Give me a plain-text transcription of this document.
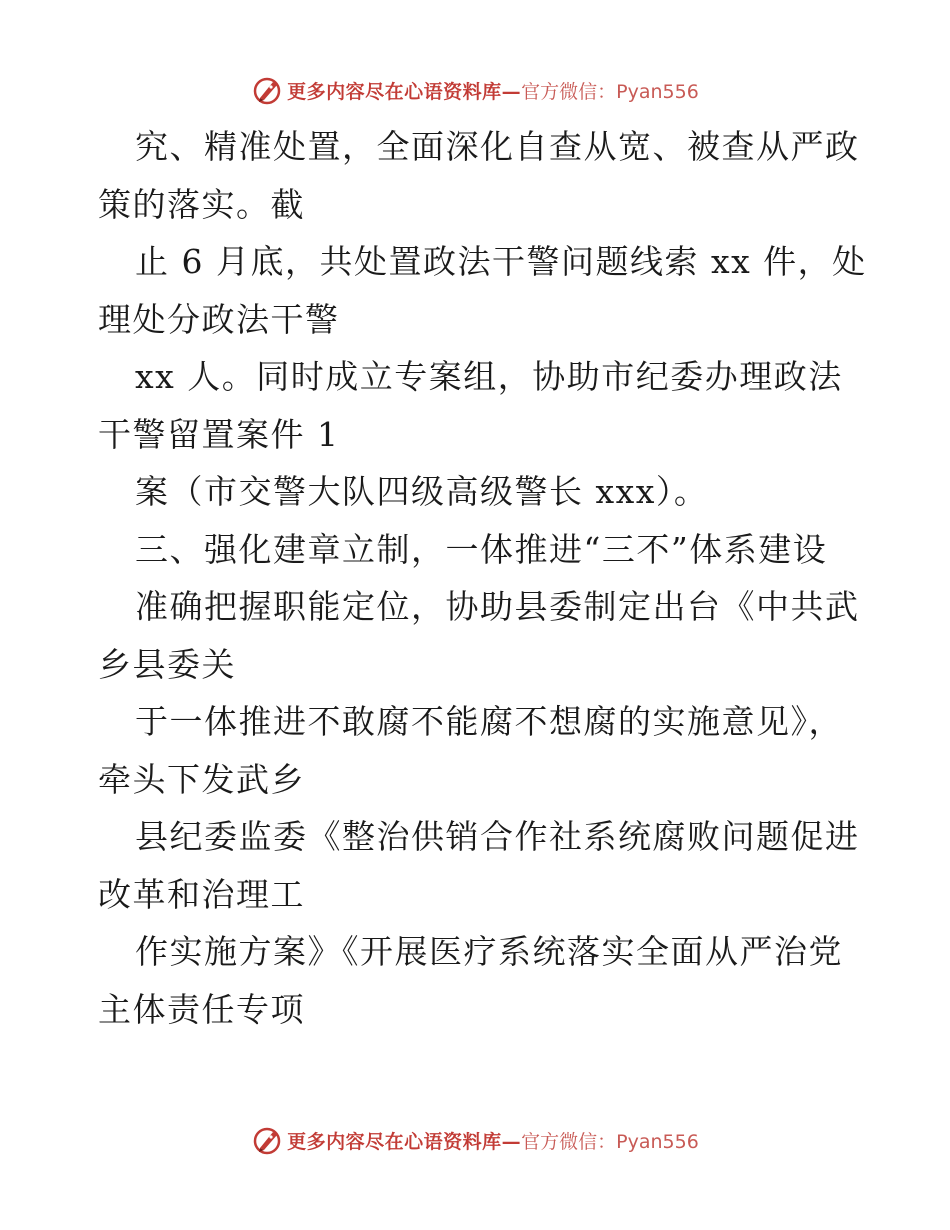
更多内容尽在心语资料库— 官方微信：Pyan556
究、精准处置，全面深化自查从宽、被查从严政
策的落实。截
止 6 月底，共处置政法干警问题线索 xx 件，处
理处分政法干警
xx 人。同时成立专案组，协助市纪委办理政法
干警留置案件 1
案（市交警大队四级高级警长 xxx）。
三、强化建章立制，一体推进“三不”体系建设
准确把握职能定位，协助县委制定出台《中共武
乡县委关
于一体推进不敢腐不能腐不想腐的实施意见》，
牵头下发武乡
县纪委监委《整治供销合作社系统腐败问题促进
改革和治理工
作实施方案》《开展医疗系统落实全面从严治党
主体责任专项
更多内容尽在心语资料库— 官方微信：Pyan556
